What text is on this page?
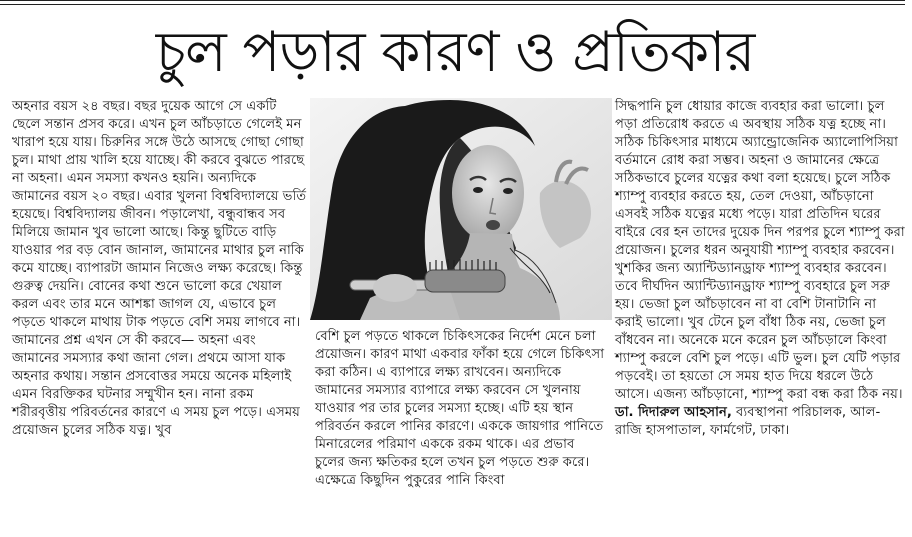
চুল পড়ার কারণ ও প্রতিকার

অহনার বয়স ২৪ বছর। বছর দুয়েক আগে সে একটি ছেলে সন্তান প্রসব করে। এখন চুল আঁচড়াতে গেলেই মন খারাপ হয়ে যায়। চিরুনির সঙ্গে উঠে আসছে গোছা গোছা চুল। মাথা প্রায় খালি হয়ে যাচ্ছে। কী করবে বুঝতে পারছে না অহনা। এমন সমস্যা কখনও হয়নি। অন্যদিকে জামানের বয়স ২০ বছর। এবার খুলনা বিশ্ববিদ্যালয়ে ভর্তি হয়েছে। বিশ্ববিদ্যালয় জীবন। পড়ালেখা, বন্ধুবান্ধব সব মিলিয়ে জামান খুব ভালো আছে। কিন্তু ছুটিতে বাড়ি যাওয়ার পর বড় বোন জানাল, জামানের মাথার চুল নাকি কমে যাচ্ছে। ব্যাপারটা জামান নিজেও লক্ষ্য করেছে। কিন্তু গুরুত্ব দেয়নি। বোনের কথা শুনে ভালো করে খেয়াল করল এবং তার মনে আশঙ্কা জাগল যে, এভাবে চুল পড়তে থাকলে মাথায় টাক পড়তে বেশি সময় লাগবে না। জামানের প্রশ্ন এখন সে কী করবে— অহনা এবং জামানের সমস্যার কথা জানা গেল। প্রথমে আসা যাক অহনার কথায়। সন্তান প্রসবোত্তর সময়ে অনেক মহিলাই এমন বিরক্তিকর ঘটনার সম্মুখীন হন। নানা রকম শরীরবৃত্তীয় পরিবর্তনের কারণে এ সময় চুল পড়ে। এসময় প্রয়োজন চুলের সঠিক যত্ন। খুব

বেশি চুল পড়তে থাকলে চিকিৎসকের নির্দেশ মেনে চলা প্রয়োজন। কারণ মাথা একবার ফাঁকা হয়ে গেলে চিকিৎসা করা কঠিন। এ ব্যাপারে লক্ষ্য রাখবেন। অন্যদিকে জামানের সমস্যার ব্যাপারে লক্ষ্য করবেন সে খুলনায় যাওয়ার পর তার চুলের সমস্যা হচ্ছে। এটি হয় স্থান পরিবর্তন করলে পানির কারণে। এককে জায়গার পানিতে মিনারেলের পরিমাণ এককে রকম থাকে। এর প্রভাব চুলের জন্য ক্ষতিকর হলে তখন চুল পড়তে শুরু করে। এক্ষেত্রে কিছুদিন পুকুরের পানি কিংবা

সিদ্ধপানি চুল ধোয়ার কাজে ব্যবহার করা ভালো। চুল পড়া প্রতিরোধ করতে এ অবস্থায় সঠিক যত্ন হচ্ছে না। সঠিক চিকিৎসার মাধ্যমে অ্যান্ড্রোজেনিক অ্যালোপিসিয়া বর্তমানে রোধ করা সম্ভব। অহনা ও জামানের ক্ষেত্রে সঠিকভাবে চুলের যত্নের কথা বলা হয়েছে। চুলে সঠিক শ্যাম্পু ব্যবহার করতে হয়, তেল দেওয়া, আঁচড়ানো এসবই সঠিক যত্নের মধ্যে পড়ে। যারা প্রতিদিন ঘরের বাইরে বের হন তাদের দুয়েক দিন পরপর চুলে শ্যাম্পু করা প্রয়োজন। চুলের ধরন অনুযায়ী শ্যাম্পু ব্যবহার করবেন। খুশকির জন্য অ্যান্টিড্যানড্রাফ শ্যাম্পু ব্যবহার করবেন। তবে দীর্ঘদিন অ্যান্টিড্যানড্রাফ শ্যাম্পু ব্যবহারে চুল সরু হয়। ভেজা চুল আঁচড়াবেন না বা বেশি টানাটানি না করাই ভালো। খুব টেনে চুল বাঁধা ঠিক নয়, ভেজা চুল বাঁধবেন না। অনেকে মনে করেন চুল আঁচড়ালে কিংবা শ্যাম্পু করলে বেশি চুল পড়ে। এটি ভুল। চুল যেটি পড়ার পড়বেই। তা হয়তো সে সময় হাত দিয়ে ধরলে উঠে আসে। এজন্য আঁচড়ানো, শ্যাম্পু করা বন্ধ করা ঠিক নয়। ডা. দিদারুল আহসান, ব্যবস্থাপনা পরিচালক, আল-রাজি হাসপাতাল, ফার্মগেট, ঢাকা।
